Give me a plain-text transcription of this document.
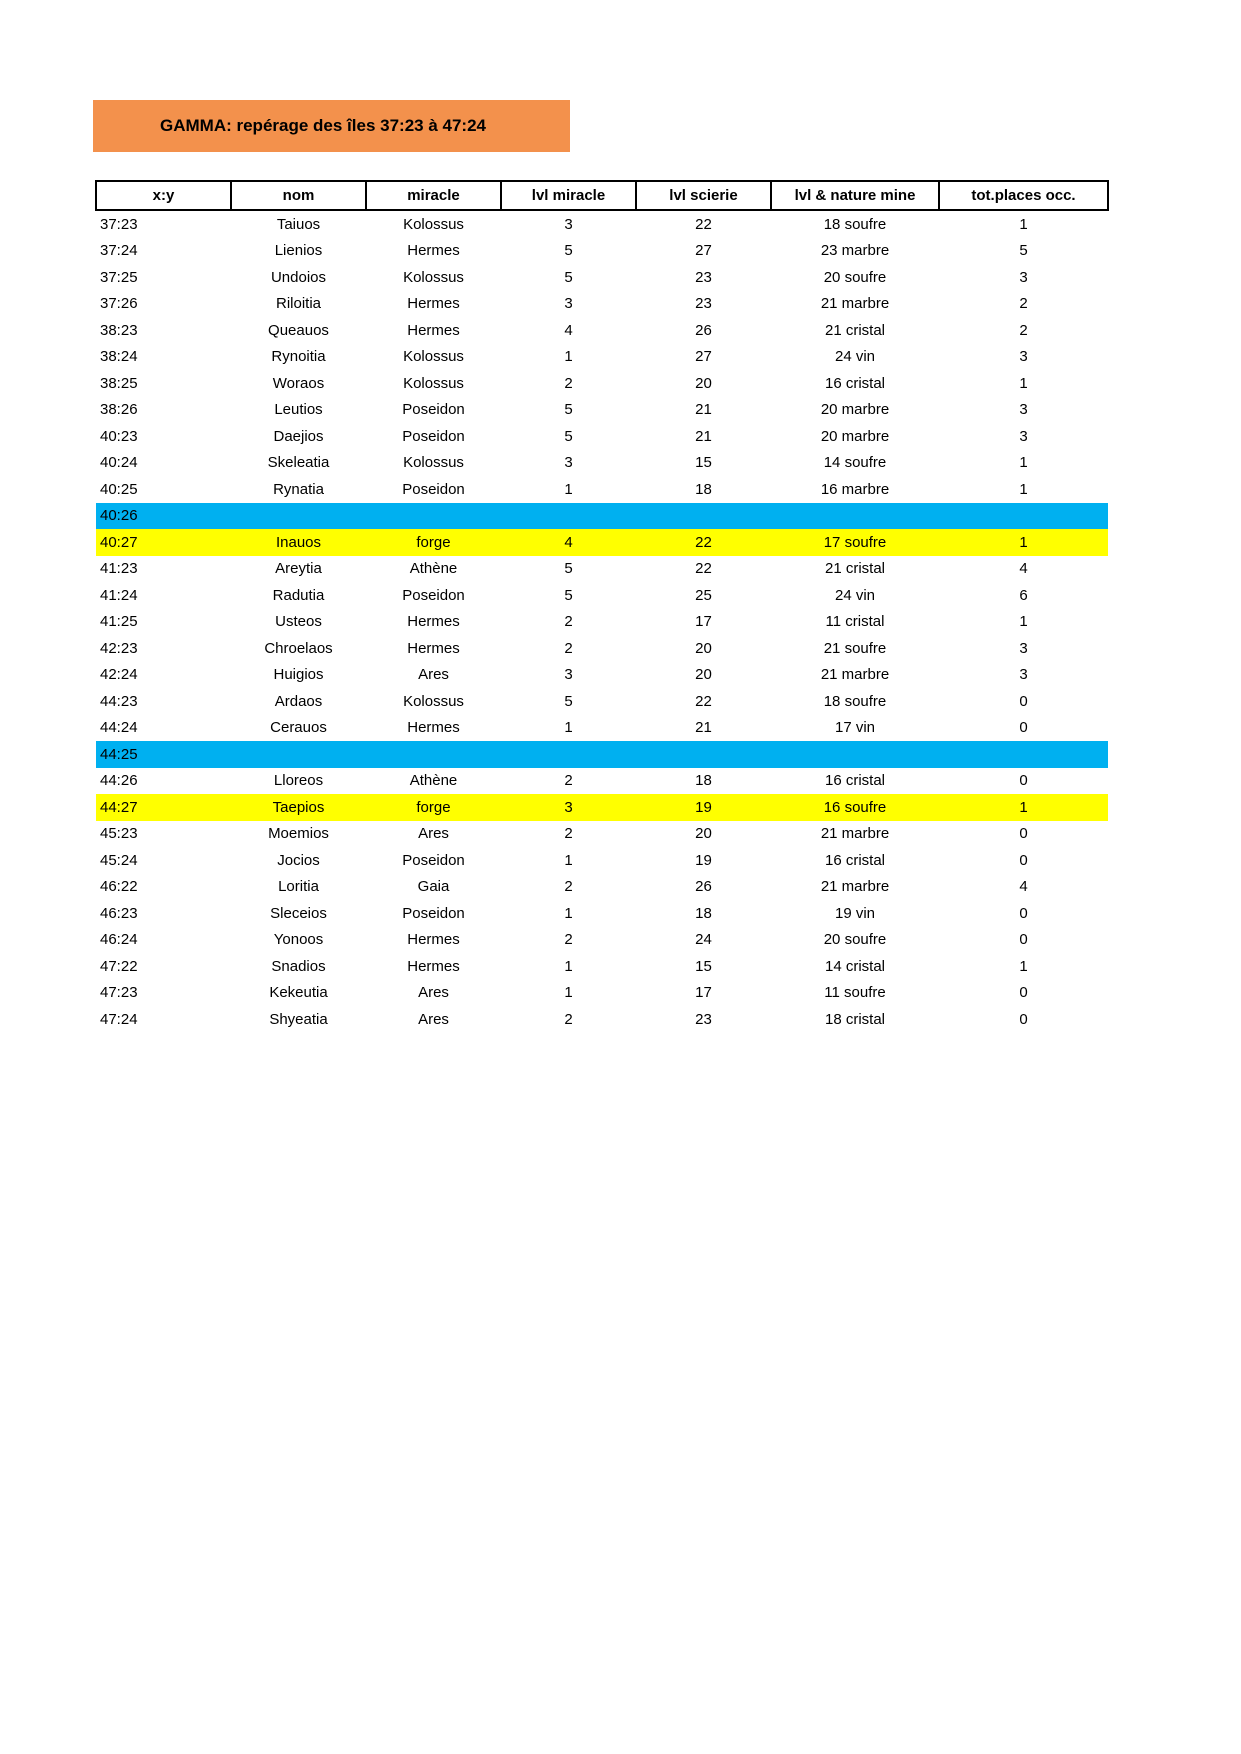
GAMMA: repérage des îles 37:23 à 47:24
x:y	nom	miracle	lvl miracle	lvl scierie	lvl & nature mine	tot.places occ.
37:23	Taiuos	Kolossus	3	22	18 soufre	1
37:24	Lienios	Hermes	5	27	23 marbre	5
37:25	Undoios	Kolossus	5	23	20 soufre	3
37:26	Riloitia	Hermes	3	23	21 marbre	2
38:23	Queauos	Hermes	4	26	21 cristal	2
38:24	Rynoitia	Kolossus	1	27	24 vin	3
38:25	Woraos	Kolossus	2	20	16 cristal	1
38:26	Leutios	Poseidon	5	21	20 marbre	3
40:23	Daejios	Poseidon	5	21	20 marbre	3
40:24	Skeleatia	Kolossus	3	15	14 soufre	1
40:25	Rynatia	Poseidon	1	18	16 marbre	1
40:26						
40:27	Inauos	forge	4	22	17 soufre	1
41:23	Areytia	Athène	5	22	21 cristal	4
41:24	Radutia	Poseidon	5	25	24 vin	6
41:25	Usteos	Hermes	2	17	11 cristal	1
42:23	Chroelaos	Hermes	2	20	21 soufre	3
42:24	Huigios	Ares	3	20	21 marbre	3
44:23	Ardaos	Kolossus	5	22	18 soufre	0
44:24	Cerauos	Hermes	1	21	17 vin	0
44:25						
44:26	Lloreos	Athène	2	18	16 cristal	0
44:27	Taepios	forge	3	19	16 soufre	1
45:23	Moemios	Ares	2	20	21 marbre	0
45:24	Jocios	Poseidon	1	19	16 cristal	0
46:22	Loritia	Gaia	2	26	21 marbre	4
46:23	Sleceios	Poseidon	1	18	19 vin	0
46:24	Yonoos	Hermes	2	24	20 soufre	0
47:22	Snadios	Hermes	1	15	14 cristal	1
47:23	Kekeutia	Ares	1	17	11 soufre	0
47:24	Shyeatia	Ares	2	23	18 cristal	0
